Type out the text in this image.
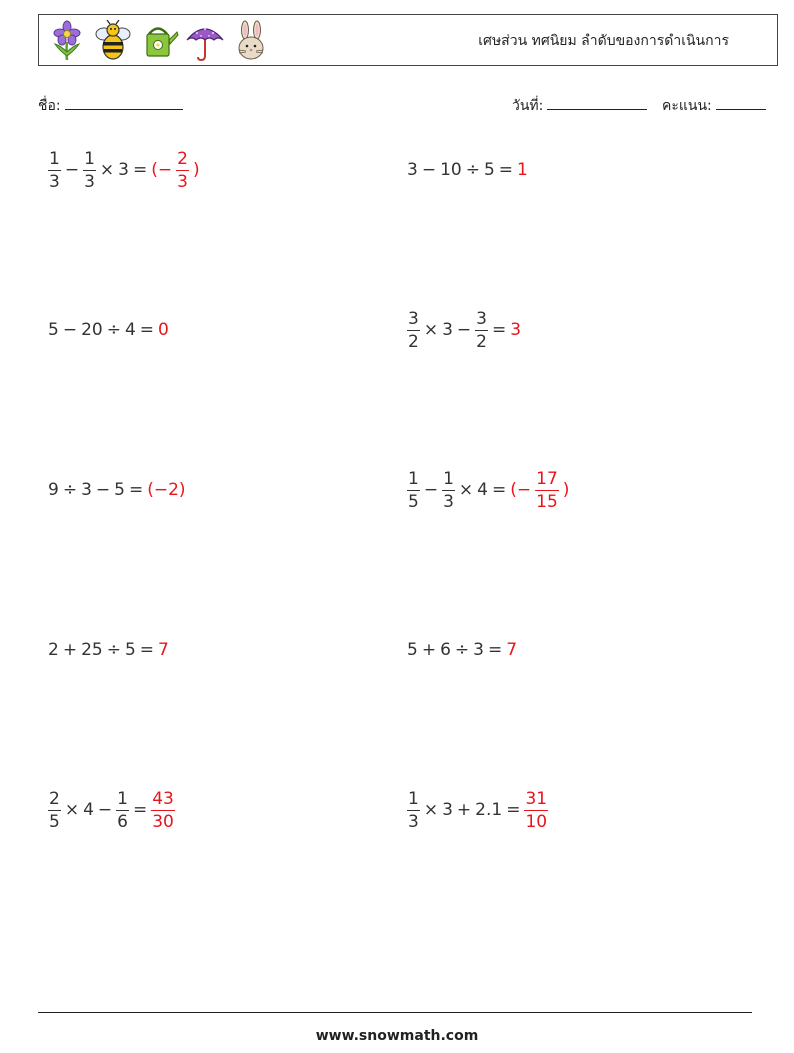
เศษส่วน ทศนิยม ลำดับของการดำเนินการ
ชื่อ:	วันที่:	คะแนน:
$\frac{1}{3} - \frac{1}{3} \times 3$ = (− $\frac{2}{3}$ )	3 − 10 ÷ 5 = 1
5 − 20 ÷ 4 = 0	$\frac{3}{2} \times 3 - \frac{3}{2} = 3$
9 ÷ 3 − 5 = (−2)	$\frac{1}{5} - \frac{1}{3} \times 4$ = (− $\frac{17}{15}$ )
2 + 25 ÷ 5 = 7	5 + 6 ÷ 3 = 7
$\frac{2}{5} \times 4 - \frac{1}{6} = \frac{43}{30}$	$\frac{1}{3} \times 3 + 2.1 = \frac{31}{10}$
www.snowmath.com
